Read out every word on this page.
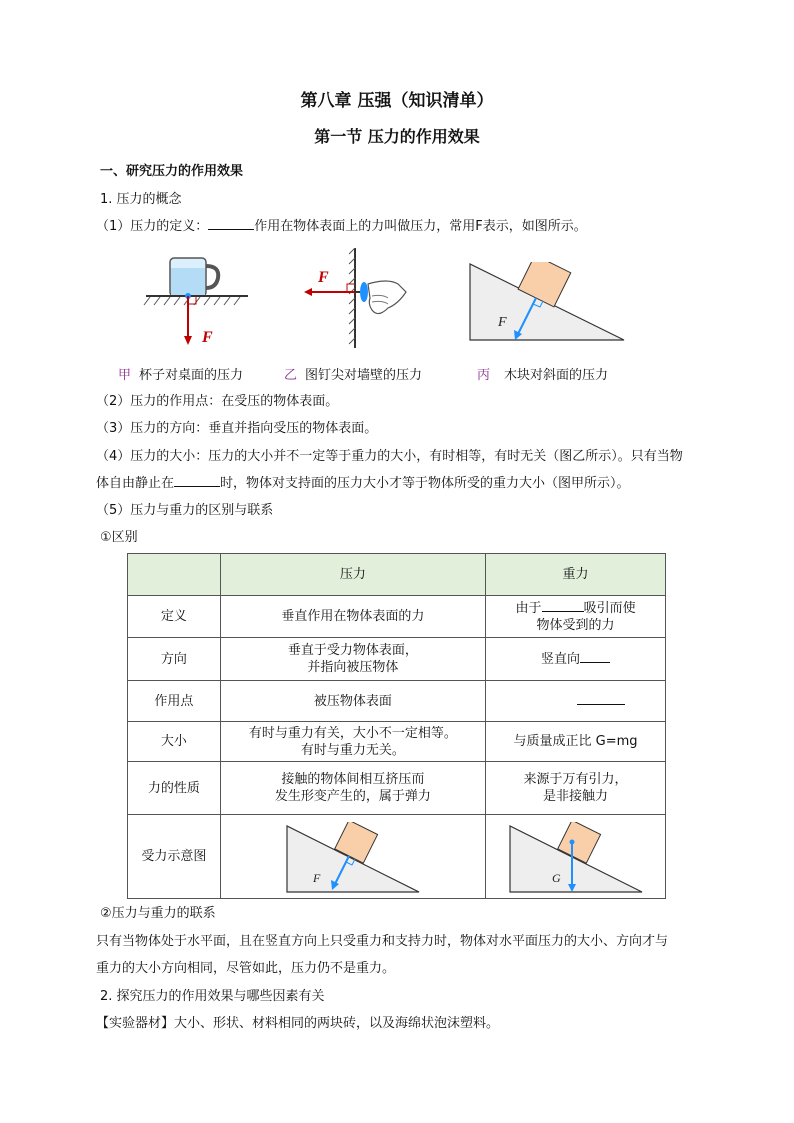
第八章 压强（知识清单）
第一节 压力的作用效果
一、研究压力的作用效果
1. 压力的概念
（1）压力的定义：	作用在物体表面上的力叫做压力，常用F表示，如图所示。
F
F
F
甲 杯子对桌面的压力	乙 图钉尖对墙壁的压力	丙 木块对斜面的压力
（2）压力的作用点：在受压的物体表面。
（3）压力的方向：垂直并指向受压的物体表面。
（4）压力的大小：压力的大小并不一定等于重力的大小，有时相等，有时无关（图乙所示）。只有当物
体自由静止在	时，物体对支持面的压力大小才等于物体所受的重力大小（图甲所示）。
（5）压力与重力的区别与联系
①区别
	压力	重力
定义	垂直作用在物体表面的力	由于 吸引而使
物体受到的力
方向	垂直于受力物体表面，
并指向被压物体	竖直向
作用点	被压物体表面	
大小	有时与重力有关，大小不一定相等。
有时与重力无关。	与质量成正比 G=mg
力的性质	接触的物体间相互挤压而
发生形变产生的，属于弹力	来源于万有引力，
是非接触力
受力示意图	F	G
②压力与重力的联系
只有当物体处于水平面，且在竖直方向上只受重力和支持力时，物体对水平面压力的大小、方向才与
重力的大小方向相同，尽管如此，压力仍不是重力。
2. 探究压力的作用效果与哪些因素有关
【实验器材】大小、形状、材料相同的两块砖，以及海绵状泡沫塑料。
